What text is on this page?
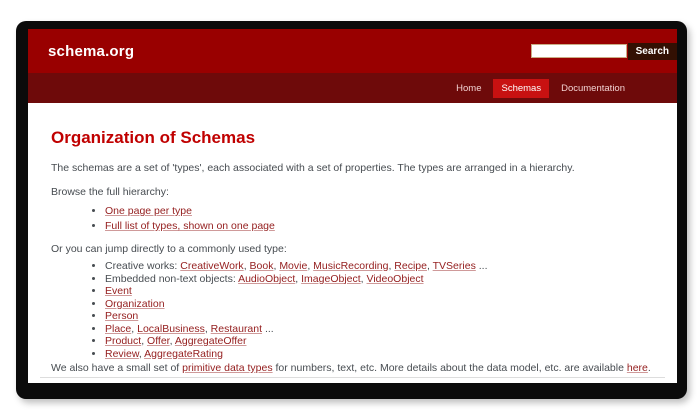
schema.org	Search
Home	Schemas	Documentation
Organization of Schemas

The schemas are a set of 'types', each associated with a set of properties. The types are arranged in a hierarchy.

Browse the full hierarchy:

• One page per type
• Full list of types, shown on one page

Or you can jump directly to a commonly used type:

• Creative works: CreativeWork, Book, Movie, MusicRecording, Recipe, TVSeries ...
• Embedded non-text objects: AudioObject, ImageObject, VideoObject
• Event
• Organization
• Person
• Place, LocalBusiness, Restaurant ...
• Product, Offer, AggregateOffer
• Review, AggregateRating

We also have a small set of primitive data types for numbers, text, etc. More details about the data model, etc. are available here.
